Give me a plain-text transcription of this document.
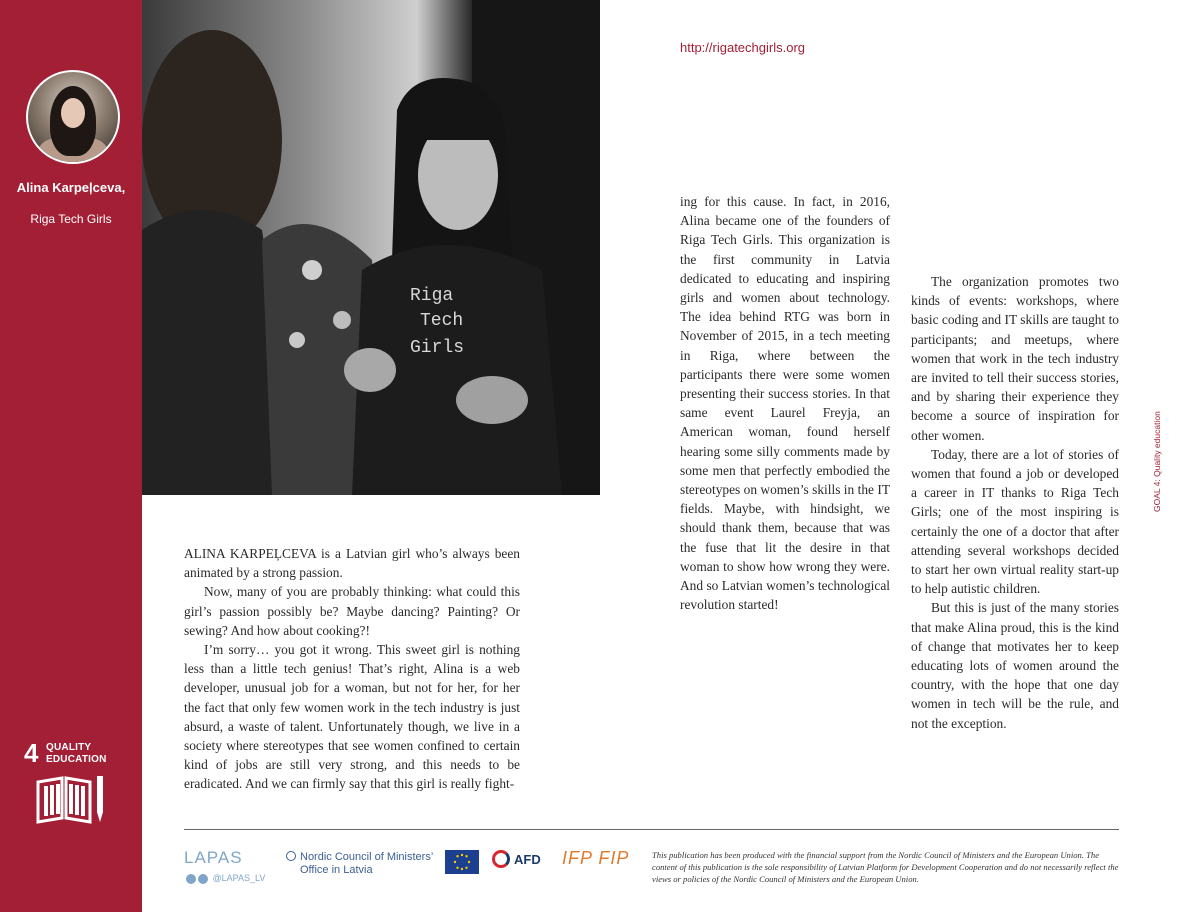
Alina Karpeļceva,
Riga Tech Girls
4 QUALITY
EDUCATION
Riga
Tech
Girls
http://rigatechgirls.org

ALINA KARPEĻCEVA is a Latvian girl who’s always been animated by a strong passion.

Now, many of you are probably thinking: what could this girl’s passion possibly be? Maybe dancing? Painting? Or sewing? And how about cooking?!

I’m sorry… you got it wrong. This sweet girl is nothing less than a little tech genius! That’s right, Alina is a web developer, unusual job for a woman, but not for her, for her the fact that only few women work in the tech industry is just absurd, a waste of talent. Unfortunately though, we live in a society where stereotypes that see women confined to certain kind of jobs are still very strong, and this needs to be eradicated. And we can firmly say that this girl is really fight-

ing for this cause. In fact, in 2016, Alina became one of the founders of Riga Tech Girls. This organization is the first community in Latvia dedicated to educating and inspiring girls and women about technology. The idea behind RTG was born in November of 2015, in a tech meeting in Riga, where between the participants there were some women presenting their success stories. In that same event Laurel Freyja, an American woman, found herself hearing some silly comments made by some men that perfectly embodied the stereotypes on women’s skills in the IT fields. Maybe, with hindsight, we should thank them, because that was the fuse that lit the desire in that woman to show how wrong they were. And so Latvian women’s technological revolution started!

The organization promotes two kinds of events: workshops, where basic coding and IT skills are taught to participants; and meetups, where women that work in the tech industry are invited to tell their success stories, and by sharing their experience they become a source of inspiration for other women.

Today, there are a lot of stories of women that found a job or developed a career in IT thanks to Riga Tech Girls; one of the most inspiring is certainly the one of a doctor that after attending several workshops decided to start her own virtual reality start-up to help autistic children.

But this is just of the many stories that make Alina proud, this is the kind of change that motivates her to keep educating lots of women around the country, with the hope that one day women in tech will be the rule, and not the exception.

GOAL 4: Quality education
LAPAS
@LAPAS_LV
Nordic Council of Ministers’
Office in Latvia
AFD IFP FIP	This publication has been produced with the financial support from the Nordic Council of Ministers and the European Union. The content of this publication is the sole responsibility of Latvian Platform for Development Cooperation and do not necessarily reflect the views or policies of the Nordic Council of Ministers and the European Union.
